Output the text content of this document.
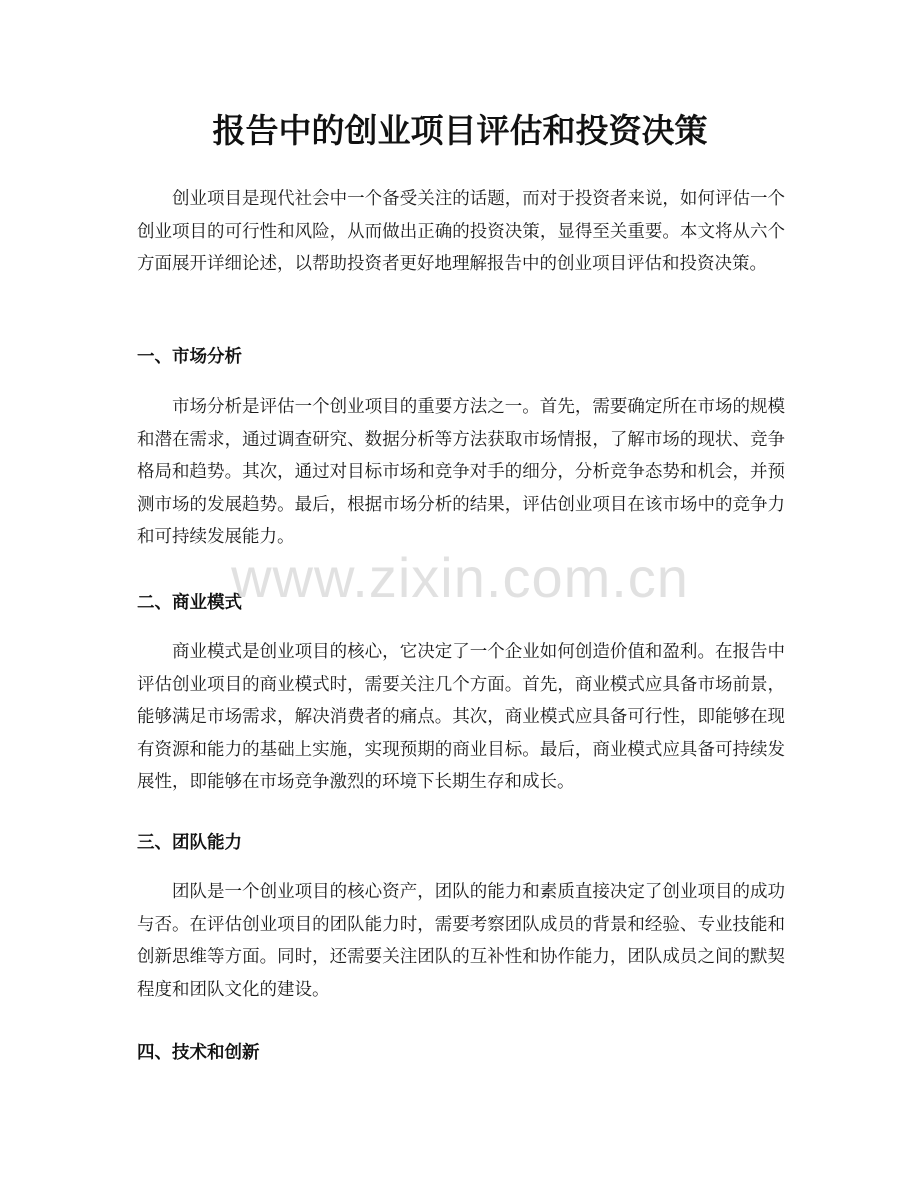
报告中的创业项目评估和投资决策

创业项目是现代社会中一个备受关注的话题，而对于投资者来说，如何评估一个创业项目的可行性和风险，从而做出正确的投资决策，显得至关重要。本文将从六个方面展开详细论述，以帮助投资者更好地理解报告中的创业项目评估和投资决策。

一、市场分析

市场分析是评估一个创业项目的重要方法之一。首先，需要确定所在市场的规模和潜在需求，通过调查研究、数据分析等方法获取市场情报，了解市场的现状、竞争格局和趋势。其次，通过对目标市场和竞争对手的细分，分析竞争态势和机会，并预测市场的发展趋势。最后，根据市场分析的结果，评估创业项目在该市场中的竞争力和可持续发展能力。

二、商业模式

商业模式是创业项目的核心，它决定了一个企业如何创造价值和盈利。在报告中评估创业项目的商业模式时，需要关注几个方面。首先，商业模式应具备市场前景，能够满足市场需求，解决消费者的痛点。其次，商业模式应具备可行性，即能够在现有资源和能力的基础上实施，实现预期的商业目标。最后，商业模式应具备可持续发展性，即能够在市场竞争激烈的环境下长期生存和成长。

三、团队能力

团队是一个创业项目的核心资产，团队的能力和素质直接决定了创业项目的成功与否。在评估创业项目的团队能力时，需要考察团队成员的背景和经验、专业技能和创新思维等方面。同时，还需要关注团队的互补性和协作能力，团队成员之间的默契程度和团队文化的建设。

四、技术和创新
www.zixin.com.cn
